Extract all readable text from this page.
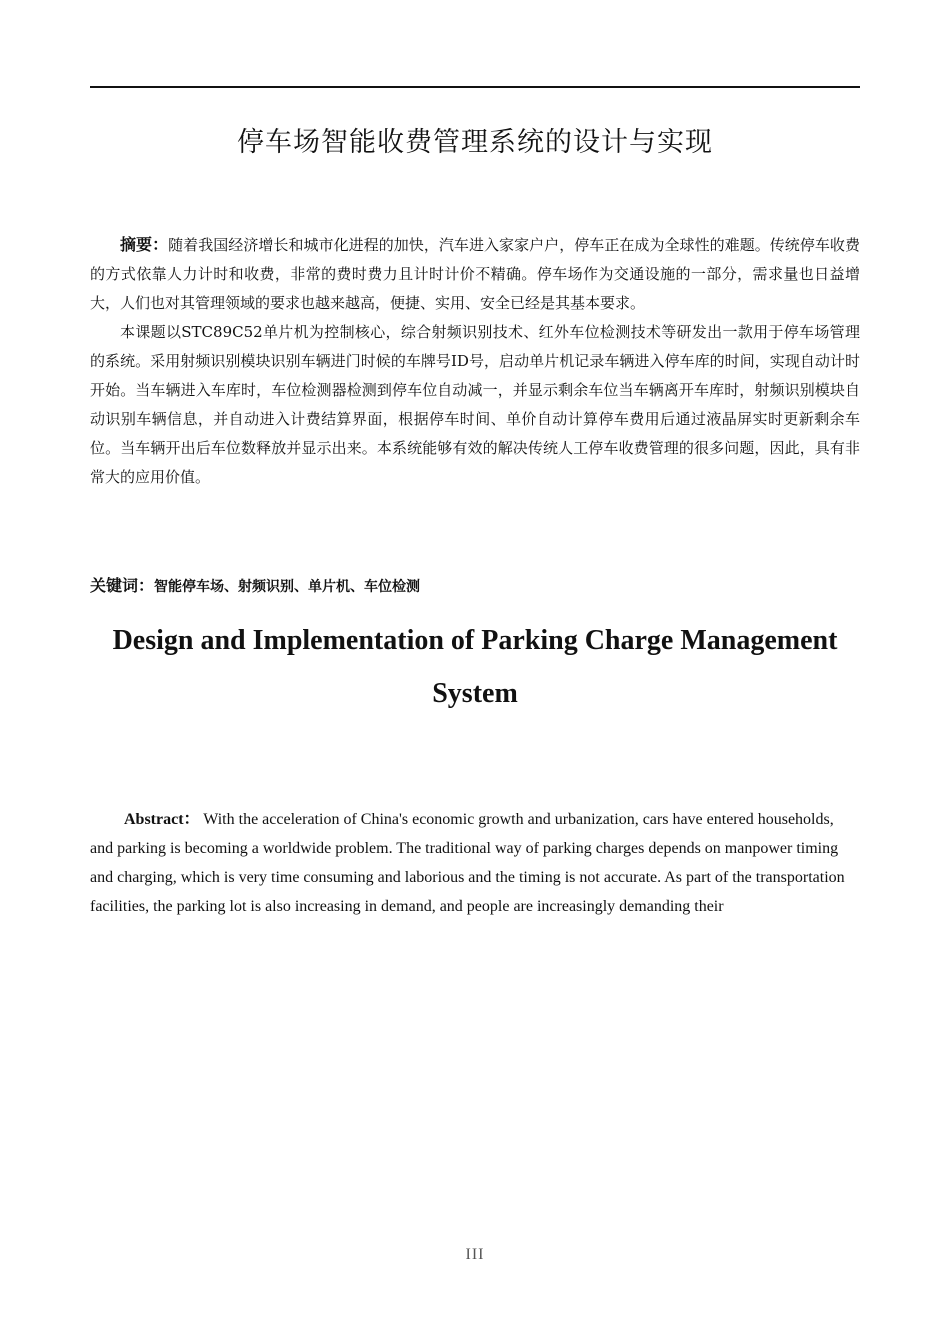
停车场智能收费管理系统的设计与实现

摘要：随着我国经济增长和城市化进程的加快，汽车进入家家户户，停车正在成为全球性的难题。传统停车收费的方式依靠人力计时和收费，非常的费时费力且计时计价不精确。停车场作为交通设施的一部分，需求量也日益增大，人们也对其管理领域的要求也越来越高，便捷、实用、安全已经是其基本要求。

本课题以STC89C52单片机为控制核心，综合射频识别技术、红外车位检测技术等研发出一款用于停车场管理的系统。采用射频识别模块识别车辆进门时候的车牌号ID号，启动单片机记录车辆进入停车库的时间，实现自动计时开始。当车辆进入车库时，车位检测器检测到停车位自动减一，并显示剩余车位当车辆离开车库时，射频识别模块自动识别车辆信息，并自动进入计费结算界面，根据停车时间、单价自动计算停车费用后通过液晶屏实时更新剩余车位。当车辆开出后车位数释放并显示出来。本系统能够有效的解决传统人工停车收费管理的很多问题，因此，具有非常大的应用价值。

关键词：智能停车场、射频识别、单片机、车位检测
Design and Implementation of Parking Charge Management System

Abstract： With the acceleration of China's economic growth and urbanization, cars have entered households, and parking is becoming a worldwide problem. The traditional way of parking charges depends on manpower timing and charging, which is very time consuming and laborious and the timing is not accurate. As part of the transportation facilities, the parking lot is also increasing in demand, and people are increasingly demanding their

III
